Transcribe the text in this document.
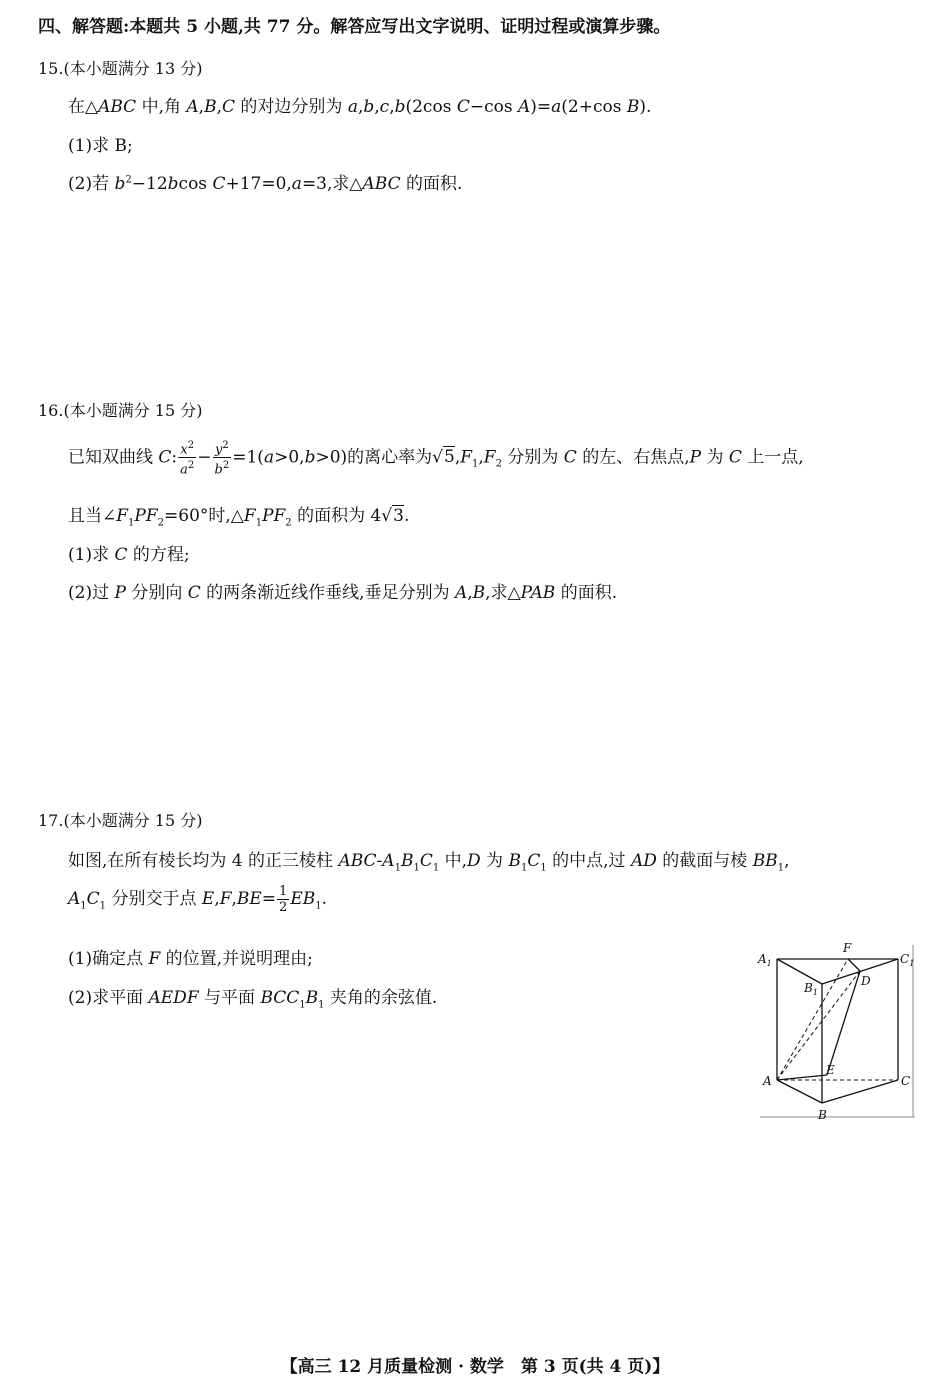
四、解答题:本题共 5 小题,共 77 分。解答应写出文字说明、证明过程或演算步骤。
15.(本小题满分 13 分)
在△ABC 中,角 A,B,C 的对边分别为 a,b,c,b(2cos C−cos A)=a(2+cos B).
(1)求 B;
(2)若 $b^2-12bcos$ C+17=0,a=3,求△ABC 的面积.
16.(本小题满分 15 分)
已知双曲线 C: $\frac{x^2}{a^2} - \frac{y^2}{b^2} =1(a>0,b>0)$的离心率为$√5,F_1,F_2$ 分别为 C 的左、右焦点,P 为 C 上一点,
且当$\angle F_1PF_2=60^\circ$时$,\triangle F_1PF_2$ 的面积为 4√3.
(1)求 C 的方程;
(2)过 P 分别向 C 的两条渐近线作垂线,垂足分别为 A,B,求△PAB 的面积.
17.(本小题满分 15 分)
如图,在所有棱长均为 4 的正三棱柱 ABC-$A_1B_1C_1$ 中,D 为 $B_1C_1$ 的中点,过 AD 的截面与棱 $BB_1$,
$A_1C_1$ 分别交于点 $E,F,BE= \frac{1}{2} EB_1$.
(1)确定点 F 的位置,并说明理由;
(2)求平面 AEDF 与平面 $BCC_1B_1$ 夹角的余弦值.
$A_1$
F
$C_1$
$B_1$
D
A
E
C
B
【高三 12 月质量检测 · 数学　第 3 页(共 4 页)】
